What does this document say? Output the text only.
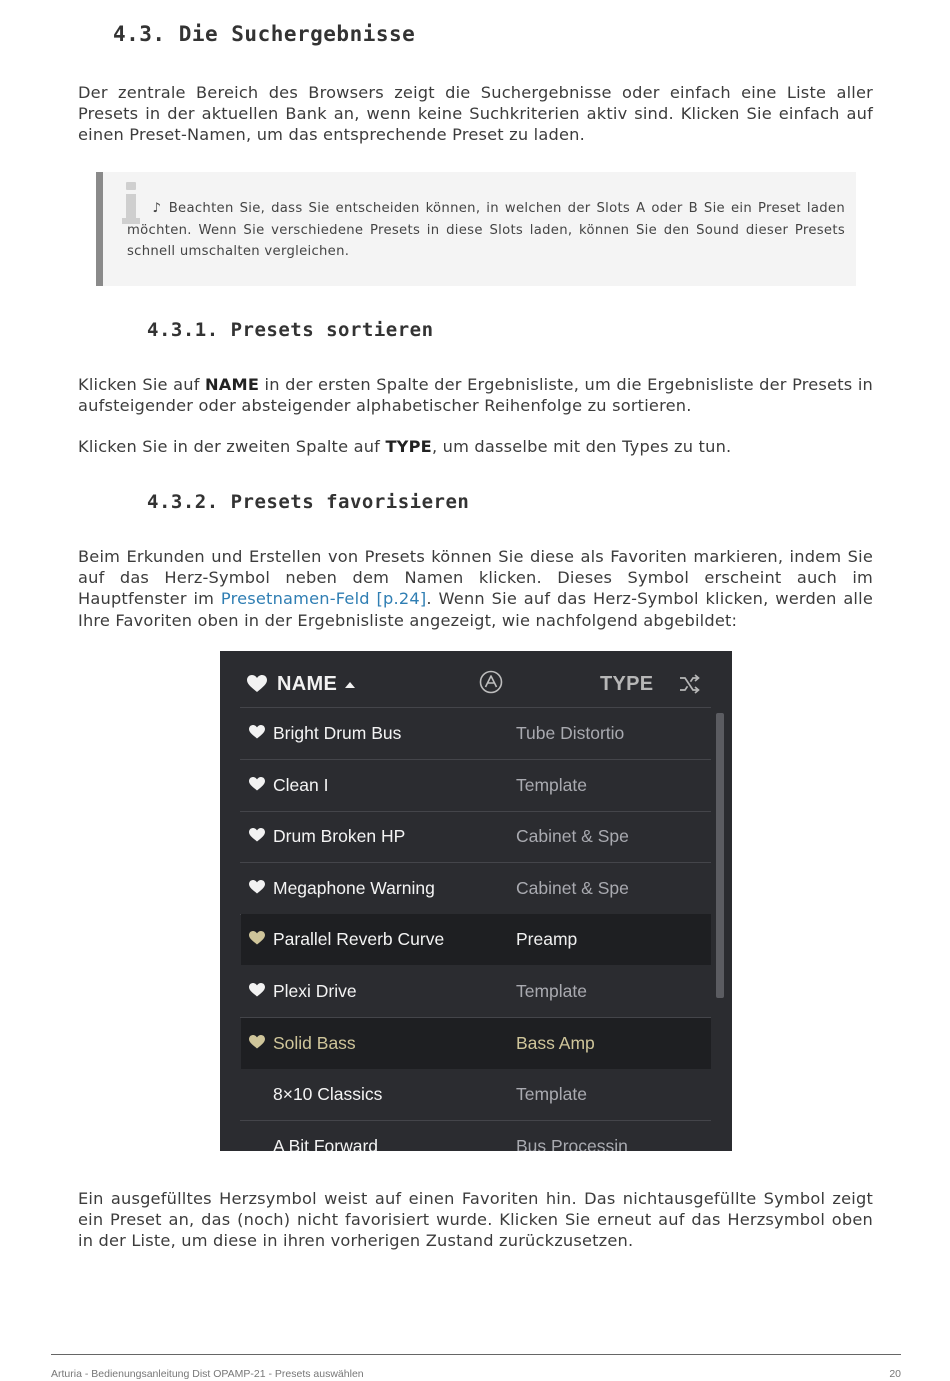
4.3. Die Suchergebnisse

Der zentrale Bereich des Browsers zeigt die Suchergebnisse oder einfach eine Liste aller Presets in der aktuellen Bank an, wenn keine Suchkriterien aktiv sind. Klicken Sie einfach auf einen Preset-Namen, um das entsprechende Preset zu laden.

♪ Beachten Sie, dass Sie entscheiden können, in welchen der Slots A oder B Sie ein Preset laden möchten. Wenn Sie verschiedene Presets in diese Slots laden, können Sie den Sound dieser Presets schnell umschalten vergleichen.

4.3.1. Presets sortieren

Klicken Sie auf NAME in der ersten Spalte der Ergebnisliste, um die Ergebnisliste der Presets in aufsteigender oder absteigender alphabetischer Reihenfolge zu sortieren.

Klicken Sie in der zweiten Spalte auf TYPE, um dasselbe mit den Types zu tun.

4.3.2. Presets favorisieren

Beim Erkunden und Erstellen von Presets können Sie diese als Favoriten markieren, indem Sie auf das Herz-Symbol neben dem Namen klicken. Dieses Symbol erscheint auch im Hauptfenster im Presetnamen-Feld [p.24]. Wenn Sie auf das Herz-Symbol klicken, werden alle Ihre Favoriten oben in der Ergebnisliste angezeigt, wie nachfolgend abgebildet:

NAME	TYPE
Bright Drum Bus	Tube Distortio
Clean I	Template
Drum Broken HP	Cabinet & Spe
Megaphone Warning	Cabinet & Spe
Parallel Reverb Curve	Preamp
Plexi Drive	Template
Solid Bass	Bass Amp
8×10 Classics	Template
A Bit Forward	Bus Processin

Ein ausgefülltes Herzsymbol weist auf einen Favoriten hin. Das nichtausgefüllte Symbol zeigt ein Preset an, das (noch) nicht favorisiert wurde. Klicken Sie erneut auf das Herzsymbol oben in der Liste, um diese in ihren vorherigen Zustand zurückzusetzen.

Arturia - Bedienungsanleitung Dist OPAMP-21 - Presets auswählen	20
